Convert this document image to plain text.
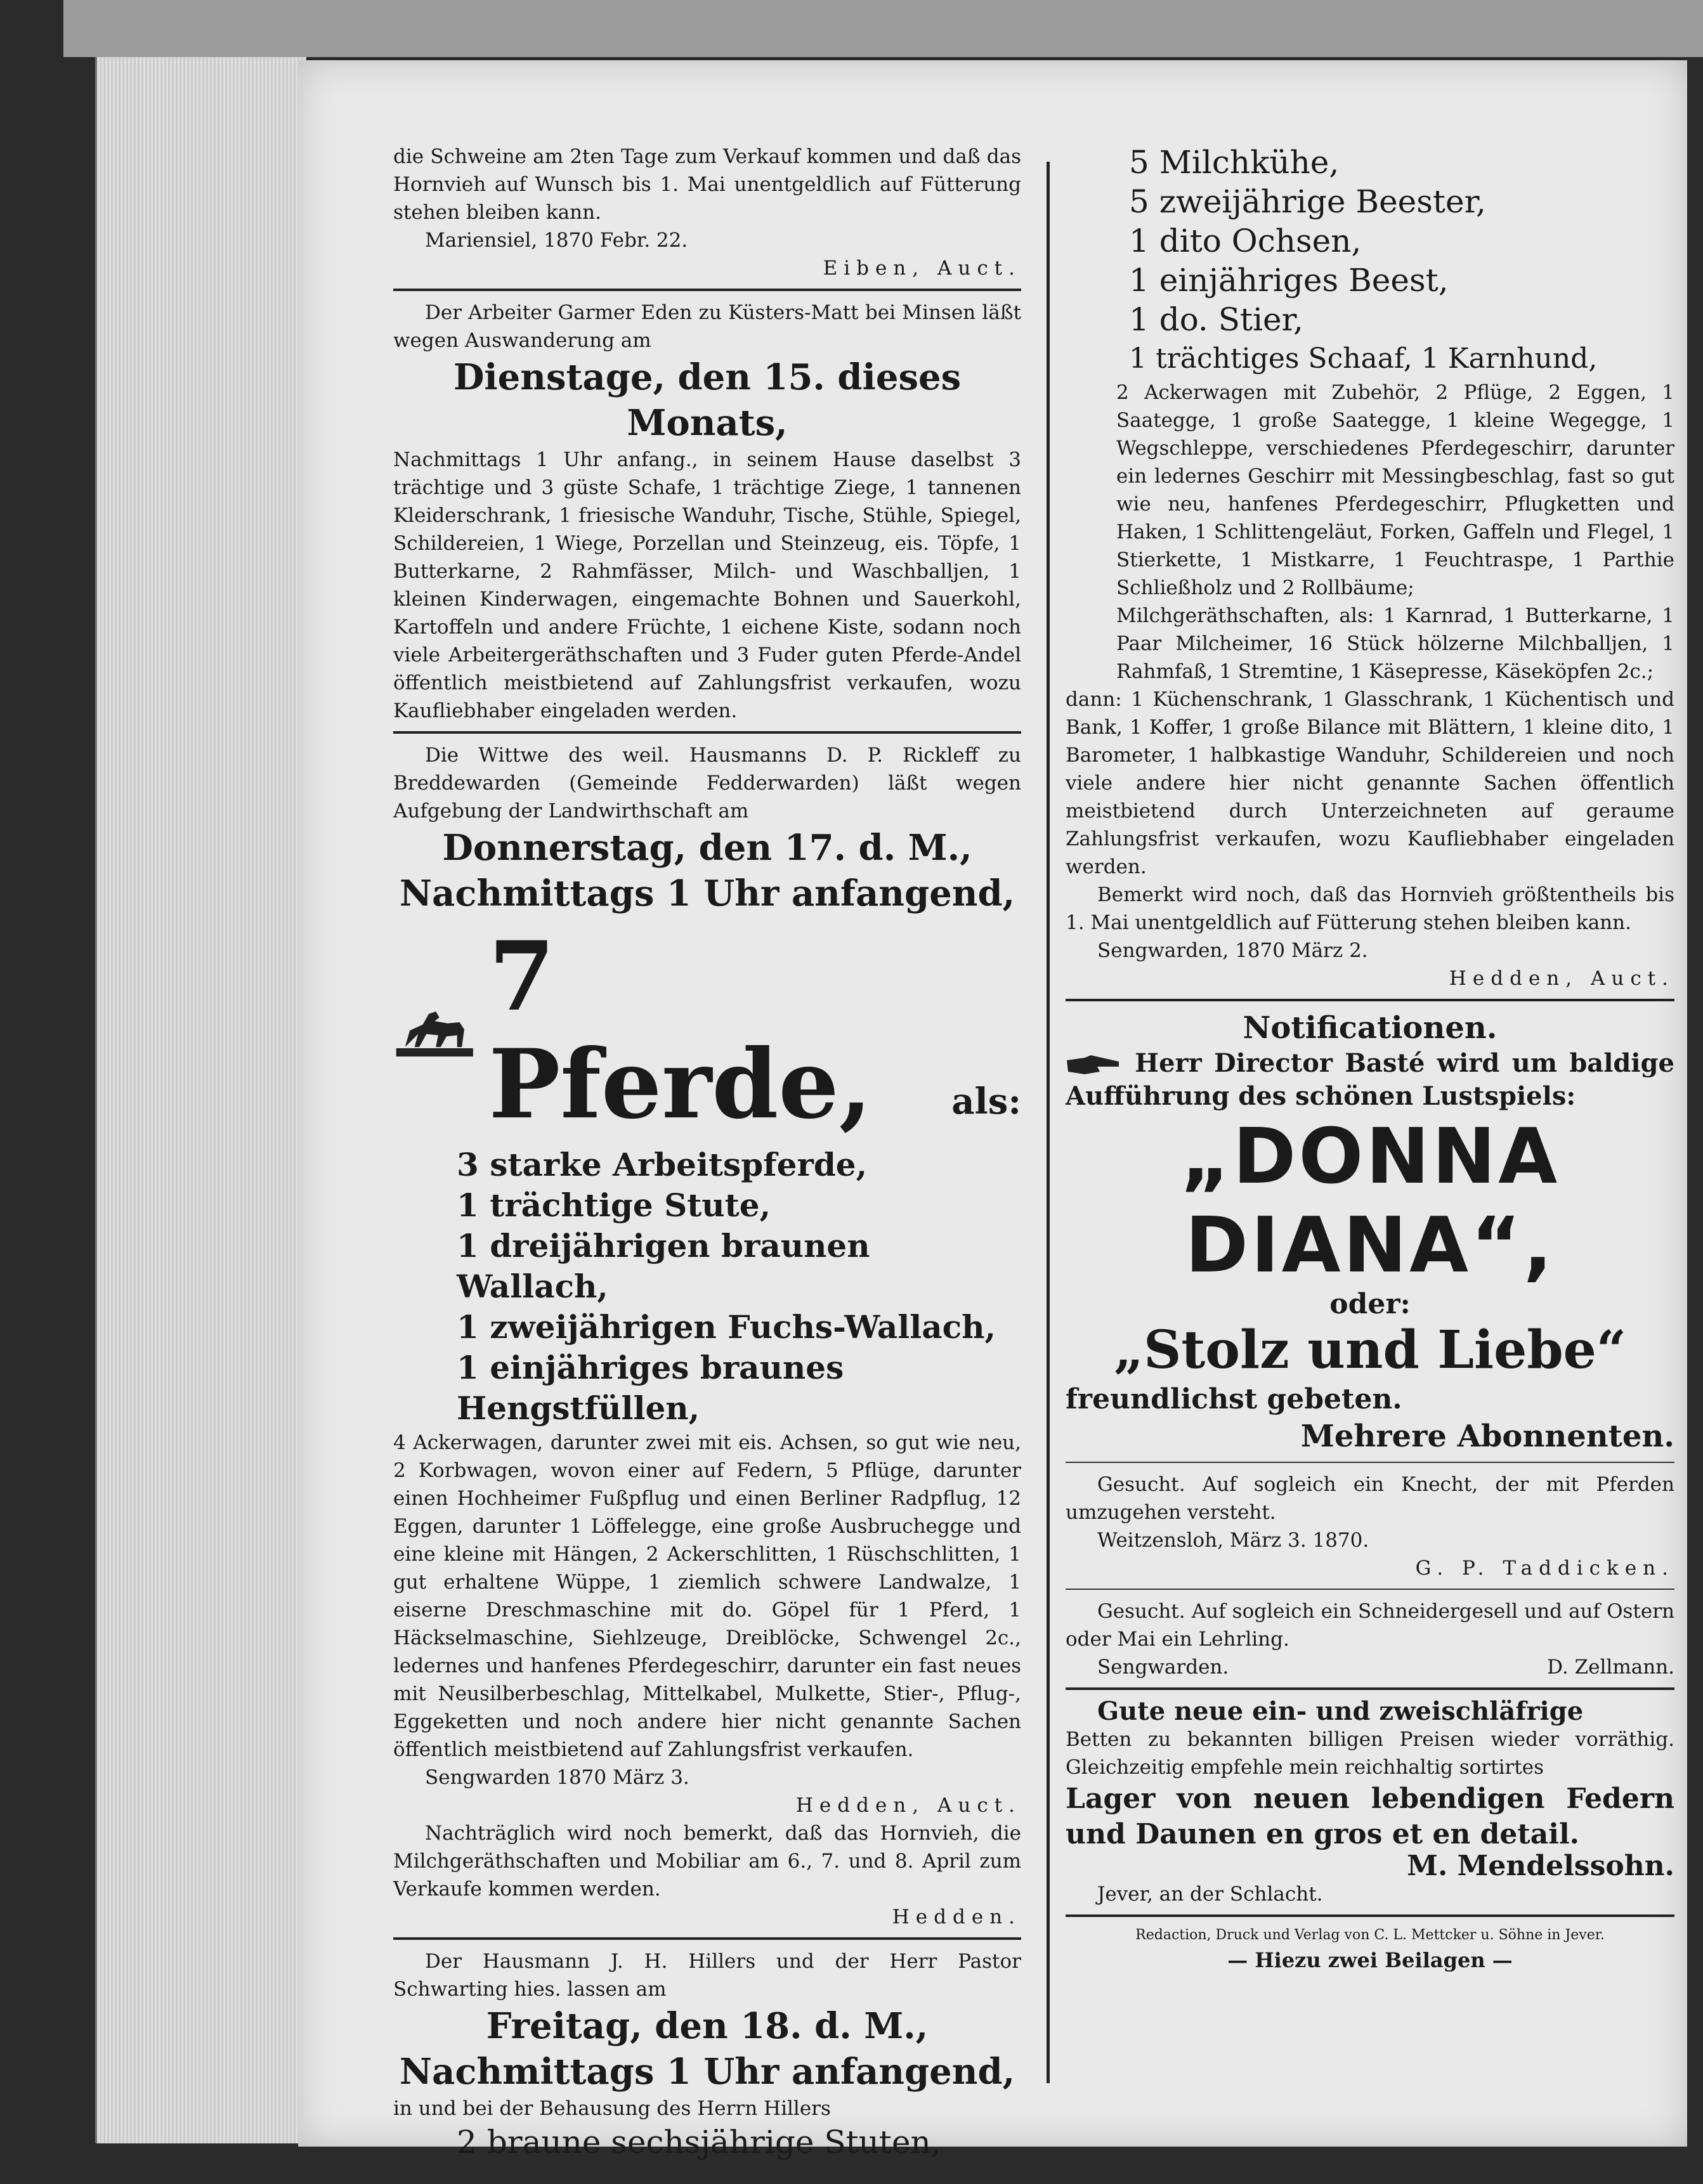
die Schweine am 2ten Tage zum Verkauf kommen und daß das Hornvieh auf Wunsch bis 1. Mai unentgeldlich auf Fütterung stehen bleiben kann.

Mariensiel, 1870 Febr. 22.

Eiben, Auct.

Der Arbeiter Garmer Eden zu Küsters-Matt bei Minsen läßt wegen Auswanderung am

Dienstage, den 15. dieses Monats,

Nachmittags 1 Uhr anfang., in seinem Hause daselbst 3 trächtige und 3 güste Schafe, 1 trächtige Ziege, 1 tannenen Kleiderschrank, 1 friesische Wanduhr, Tische, Stühle, Spiegel, Schildereien, 1 Wiege, Porzellan und Steinzeug, eis. Töpfe, 1 Butterkarne, 2 Rahmfässer, Milch- und Waschballjen, 1 kleinen Kinderwagen, eingemachte Bohnen und Sauerkohl, Kartoffeln und andere Früchte, 1 eichene Kiste, sodann noch viele Arbeitergeräthschaften und 3 Fuder guten Pferde-Andel öffentlich meistbietend auf Zahlungsfrist verkaufen, wozu Kaufliebhaber eingeladen werden.

Die Wittwe des weil. Hausmanns D. P. Rickleff zu Breddewarden (Gemeinde Fedderwarden) läßt wegen Aufgebung der Landwirthschaft am

Donnerstag, den 17. d. M.,

Nachmittags 1 Uhr anfangend,

7 Pferde,	als:

3 starke Arbeitspferde,

1 trächtige Stute,

1 dreijährigen braunen Wallach,

1 zweijährigen Fuchs-Wallach,

1 einjähriges braunes Hengstfüllen,

4 Ackerwagen, darunter zwei mit eis. Achsen, so gut wie neu, 2 Korbwagen, wovon einer auf Federn, 5 Pflüge, darunter einen Hochheimer Fußpflug und einen Berliner Radpflug, 12 Eggen, darunter 1 Löffelegge, eine große Ausbruchegge und eine kleine mit Hängen, 2 Ackerschlitten, 1 Rüschschlitten, 1 gut erhaltene Wüppe, 1 ziemlich schwere Landwalze, 1 eiserne Dreschmaschine mit do. Göpel für 1 Pferd, 1 Häckselmaschine, Siehlzeuge, Dreiblöcke, Schwengel 2c., ledernes und hanfenes Pferdegeschirr, darunter ein fast neues mit Neusilberbeschlag, Mittelkabel, Mulkette, Stier-, Pflug-, Eggeketten und noch andere hier nicht genannte Sachen öffentlich meistbietend auf Zahlungsfrist verkaufen.

Sengwarden 1870 März 3.

Hedden, Auct.

Nachträglich wird noch bemerkt, daß das Hornvieh, die Milchgeräthschaften und Mobiliar am 6., 7. und 8. April zum Verkaufe kommen werden.

Hedden.

Der Hausmann J. H. Hillers und der Herr Pastor Schwarting hies. lassen am

Freitag, den 18. d. M.,

Nachmittags 1 Uhr anfangend,

in und bei der Behausung des Herrn Hillers

2 braune sechsjährige Stuten,

5 Milchkühe,

5 zweijährige Beester,

1 dito Ochsen,

1 einjähriges Beest,

1 do. Stier,

1 trächtiges Schaaf, 1 Karnhund,

2 Ackerwagen mit Zubehör, 2 Pflüge, 2 Eggen, 1 Saategge, 1 große Saategge, 1 kleine Wegegge, 1 Wegschleppe, verschiedenes Pferdegeschirr, darunter ein ledernes Geschirr mit Messingbeschlag, fast so gut wie neu, hanfenes Pferdegeschirr, Pflugketten und Haken, 1 Schlittengeläut, Forken, Gaffeln und Flegel, 1 Stierkette, 1 Mistkarre, 1 Feuchtraspe, 1 Parthie Schließholz und 2 Rollbäume;

Milchgeräthschaften, als: 1 Karnrad, 1 Butterkarne, 1 Paar Milcheimer, 16 Stück hölzerne Milchballjen, 1 Rahmfaß, 1 Stremtine, 1 Käsepresse, Käseköpfen 2c.;

dann: 1 Küchenschrank, 1 Glasschrank, 1 Küchentisch und Bank, 1 Koffer, 1 große Bilance mit Blättern, 1 kleine dito, 1 Barometer, 1 halbkastige Wanduhr, Schildereien und noch viele andere hier nicht genannte Sachen öffentlich meistbietend durch Unterzeichneten auf geraume Zahlungsfrist verkaufen, wozu Kaufliebhaber eingeladen werden.

Bemerkt wird noch, daß das Hornvieh größtentheils bis 1. Mai unentgeldlich auf Fütterung stehen bleiben kann.

Sengwarden, 1870 März 2.

Hedden, Auct.

Notificationen.

Herr Director Basté wird um baldige Aufführung des schönen Lustspiels:

„DONNA DIANA“,

oder:

„Stolz und Liebe“

freundlichst gebeten.

Mehrere Abonnenten.

Gesucht. Auf sogleich ein Knecht, der mit Pferden umzugehen versteht.

Weitzensloh, März 3. 1870.

G. P. Taddicken.

Gesucht. Auf sogleich ein Schneidergesell und auf Ostern oder Mai ein Lehrling.

Sengwarden.	D. Zellmann.

Gute neue ein- und zweischläfrige

Betten zu bekannten billigen Preisen wieder vorräthig. Gleichzeitig empfehle mein reichhaltig sortirtes

Lager von neuen lebendigen Federn und Daunen en gros et en detail.

M. Mendelssohn.

Jever, an der Schlacht.

Redaction, Druck und Verlag von C. L. Mettcker u. Söhne in Jever.

— Hiezu zwei Beilagen —
